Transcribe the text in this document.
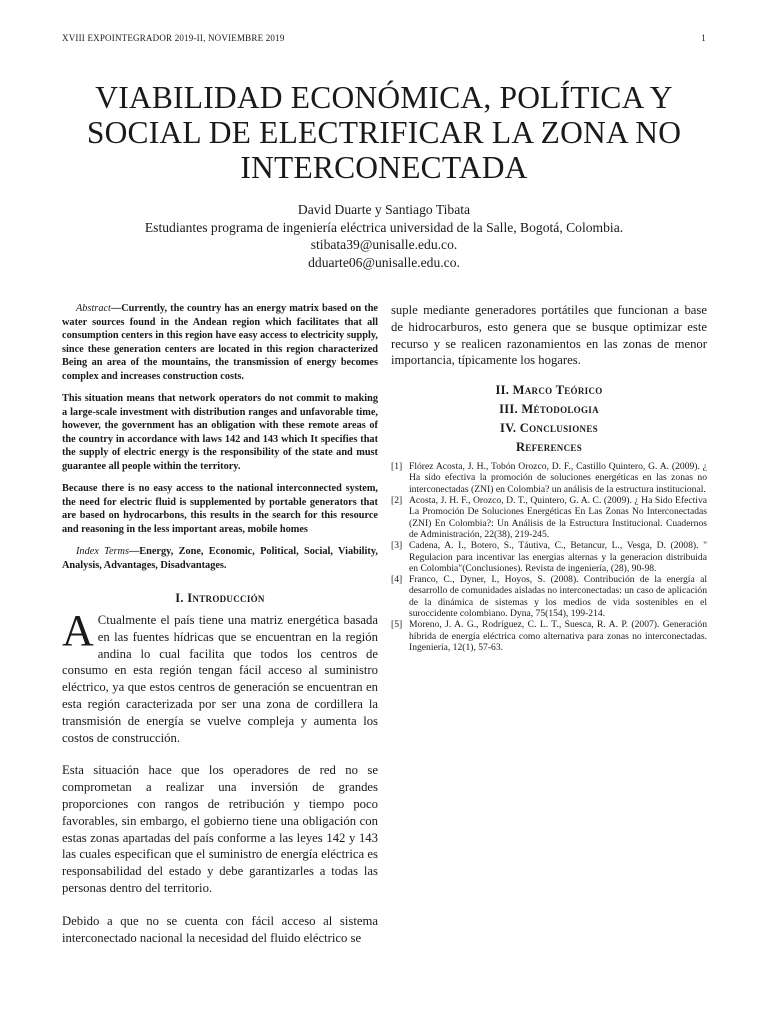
XVIII EXPOINTEGRADOR 2019-II, NOVIEMBRE 2019	1
VIABILIDAD ECONÓMICA, POLÍTICA Y
SOCIAL DE ELECTRIFICAR LA ZONA NO
INTERCONECTADA
David Duarte y Santiago Tibata
Estudiantes programa de ingeniería eléctrica universidad de la Salle, Bogotá, Colombia.
stibata39@unisalle.edu.co.
dduarte06@unisalle.edu.co.

Abstract—Currently, the country has an energy matrix based on the water sources found in the Andean region which facilitates that all consumption centers in this region have easy access to electricity supply, since these generation centers are located in this region characterized Being an area of the mountains, the transmission of energy becomes complex and increases construction costs.

This situation means that network operators do not commit to making a large-scale investment with distribution ranges and unfavorable time, however, the government has an obligation with these remote areas of the country in accordance with laws 142 and 143 which It specifies that the supply of electric energy is the responsibility of the state and must guarantee all people within the territory.

Because there is no easy access to the national interconnected system, the need for electric fluid is supplemented by portable generators that are based on hydrocarbons, this results in the search for this resource and reasoning in the less important areas, mobile homes

Index Terms—Energy, Zone, Economic, Political, Social, Viability, Analysis, Advantages, Disadvantages.

I. Introducción

A Ctualmente el país tiene una matriz energética basada en las fuentes hídricas que se encuentran en la región andina lo cual facilita que todos los centros de consumo en esta región tengan fácil acceso al suministro eléctrico, ya que estos centros de generación se encuentran en esta región caracterizada por ser una zona de cordillera la transmisión de energía se vuelve compleja y aumenta los costos de construcción.

Esta situación hace que los operadores de red no se comprometan a realizar una inversión de grandes proporciones con rangos de retribución y tiempo poco favorables, sin embargo, el gobierno tiene una obligación con estas zonas apartadas del país conforme a las leyes 142 y 143 las cuales especifican que el suministro de energía eléctrica es responsabilidad del estado y debe garantizarles a todas las personas dentro del territorio.

Debido a que no se cuenta con fácil acceso al sistema interconectado nacional la necesidad del fluido eléctrico se

suple mediante generadores portátiles que funcionan a base de hidrocarburos, esto genera que se busque optimizar este recurso y se realicen razonamientos en las zonas de menor importancia, típicamente los hogares.

II. Marco Teórico
III. Métodologia
IV. Conclusiones
References
[1] Flórez Acosta, J. H., Tobón Orozco, D. F., Castillo Quintero, G. A. (2009). ¿ Ha sido efectiva la promoción de soluciones energéticas en las zonas no interconectadas (ZNI) en Colombia? un análisis de la estructura institucional.
[2] Acosta, J. H. F., Orozco, D. T., Quintero, G. A. C. (2009). ¿ Ha Sido Efectiva La Promoción De Soluciones Energéticas En Las Zonas No Interconectadas (ZNI) En Colombia?: Un Análisis de la Estructura Institucional. Cuadernos de Administración, 22(38), 219-245.
[3] Cadena, A. I., Botero, S., Táutiva, C., Betancur, L., Vesga, D. (2008). " Regulacion para incentivar las energias alternas y la generacion distribuida en Colombia"(Conclusiones). Revista de ingeniería, (28), 90-98.
[4] Franco, C., Dyner, I., Hoyos, S. (2008). Contribución de la energía al desarrollo de comunidades aisladas no interconectadas: un caso de aplicación de la dinámica de sistemas y los medios de vida sostenibles en el suroccidente colombiano. Dyna, 75(154), 199-214.
[5] Moreno, J. A. G., Rodríguez, C. L. T., Suesca, R. A. P. (2007). Generación híbrida de energía eléctrica como alternativa para zonas no interconectadas. Ingeniería, 12(1), 57-63.
